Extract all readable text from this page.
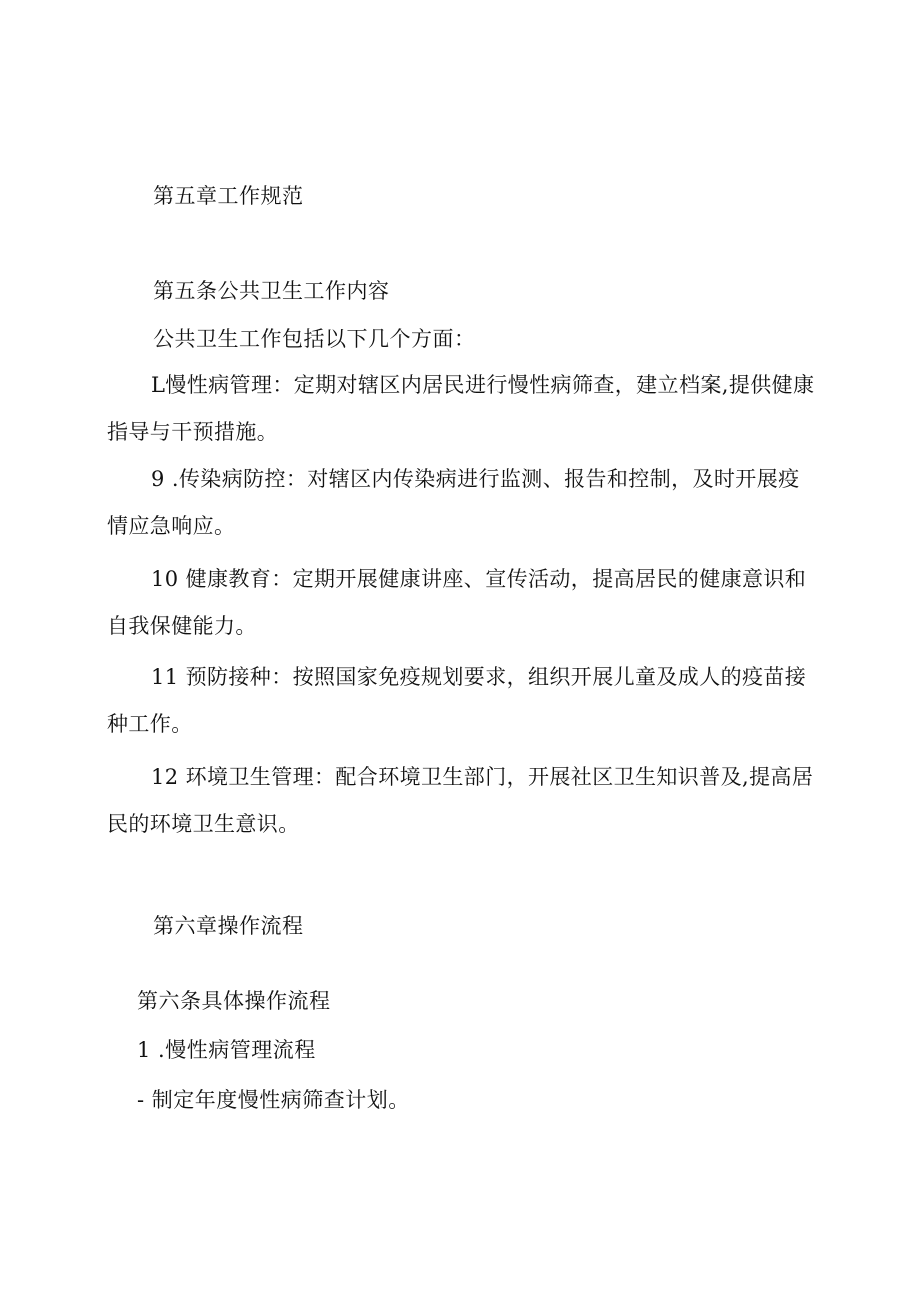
第五章工作规范
第五条公共卫生工作内容
公共卫生工作包括以下几个方面：
L慢性病管理：定期对辖区内居民进行慢性病筛查，建立档案,提供健康指导与干预措施。
9 .传染病防控：对辖区内传染病进行监测、报告和控制，及时开展疫情应急响应。
10 健康教育：定期开展健康讲座、宣传活动，提高居民的健康意识和自我保健能力。
11 预防接种：按照国家免疫规划要求，组织开展儿童及成人的疫苗接种工作。
12 环境卫生管理：配合环境卫生部门，开展社区卫生知识普及,提高居民的环境卫生意识。
第六章操作流程
第六条具体操作流程
1 .慢性病管理流程
- 制定年度慢性病筛查计划。
